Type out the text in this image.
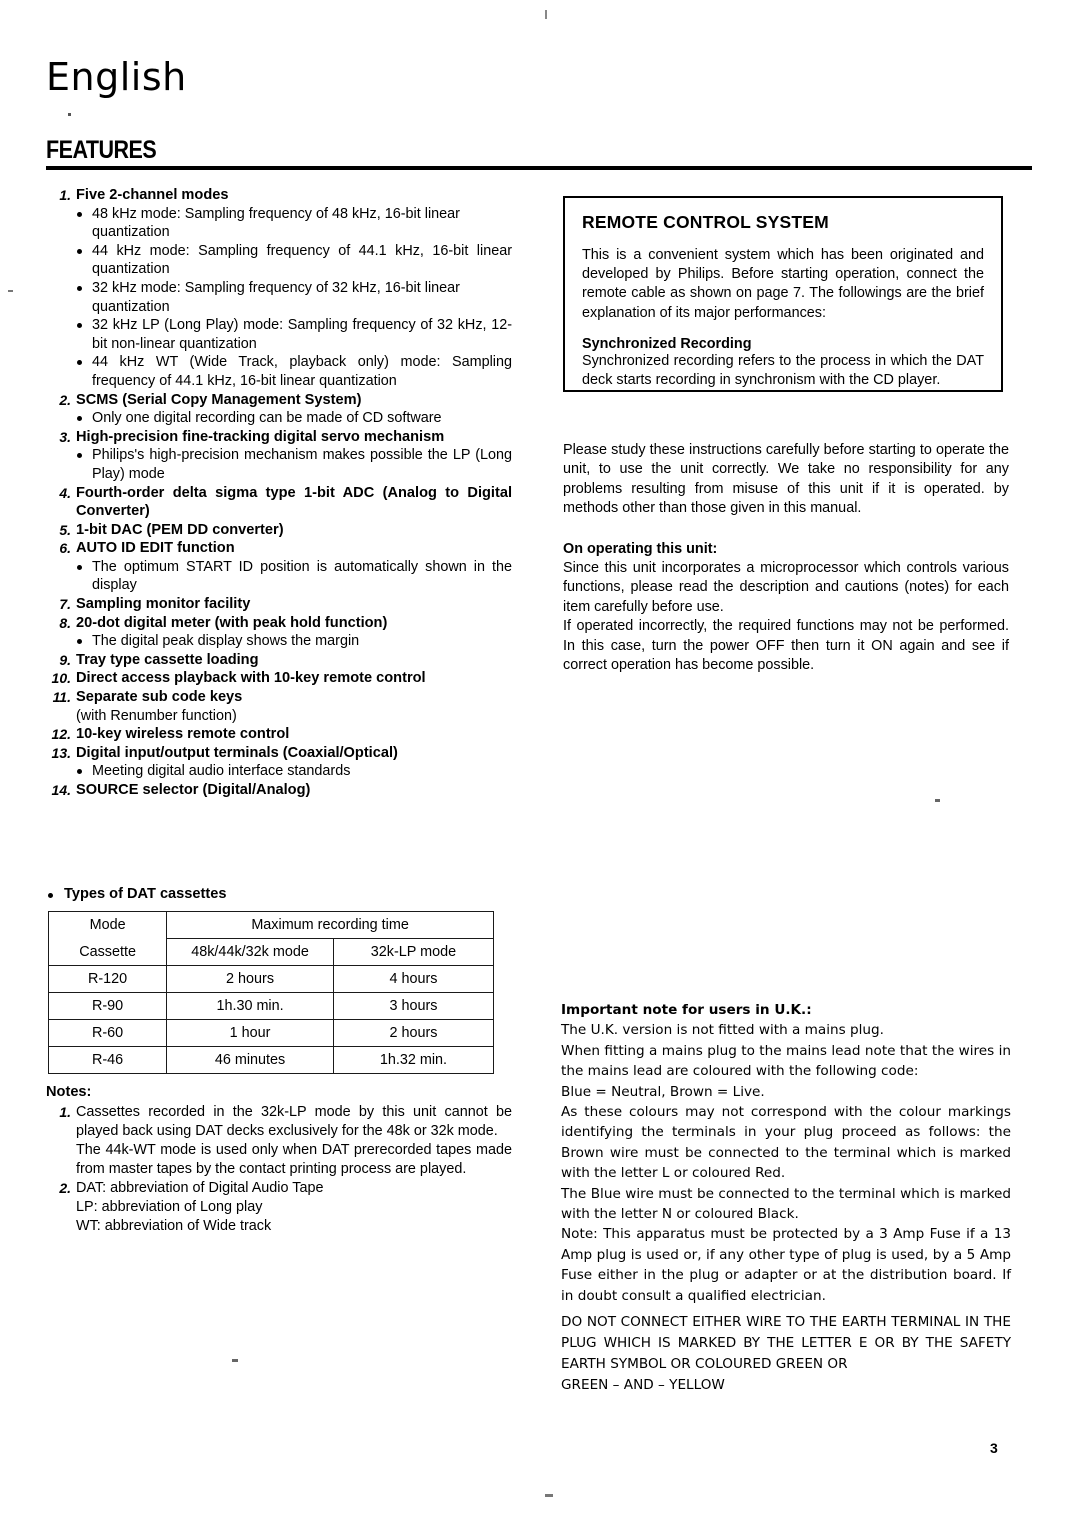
English
FEATURES
1. Five 2-channel modes
48 kHz mode: Sampling frequency of 48 kHz, 16-bit linear quantization
44 kHz mode: Sampling frequency of 44.1 kHz, 16-bit linear quantization
32 kHz mode: Sampling frequency of 32 kHz, 16-bit linear quantization
32 kHz LP (Long Play) mode: Sampling frequency of 32 kHz, 12-bit non-linear quantization
44 kHz WT (Wide Track, playback only) mode: Sampling frequency of 44.1 kHz, 16-bit linear quantization
2. SCMS (Serial Copy Management System)
Only one digital recording can be made of CD software
3. High-precision fine-tracking digital servo mechanism
Philips's high-precision mechanism makes possible the LP (Long Play) mode
4. Fourth-order delta sigma type 1-bit ADC (Analog to Digital Converter)
5. 1-bit DAC (PEM DD converter)
6. AUTO ID EDIT function
The optimum START ID position is automatically shown in the display
7. Sampling monitor facility
8. 20-dot digital meter (with peak hold function)
The digital peak display shows the margin
9. Tray type cassette loading
10. Direct access playback with 10-key remote control
11. Separate sub code keys
(with Renumber function)
12. 10-key wireless remote control
13. Digital input/output terminals (Coaxial/Optical)
Meeting digital audio interface standards
14. SOURCE selector (Digital/Analog)
Types of DAT cassettes
Mode	Maximum recording time	
Cassette	48k/44k/32k mode	32k-LP mode
R-120	2 hours	4 hours
R-90	1h.30 min.	3 hours
R-60	1 hour	2 hours
R-46	46 minutes	1h.32 min.
Notes:
1. Cassettes recorded in the 32k-LP mode by this unit cannot be played back using DAT decks exclusively for the 48k or 32k mode.
The 44k-WT mode is used only when DAT prerecorded tapes made from master tapes by the contact printing process are played.
2. DAT: abbreviation of Digital Audio Tape
LP: abbreviation of Long play
WT: abbreviation of Wide track
REMOTE CONTROL SYSTEM
This is a convenient system which has been originated and developed by Philips. Before starting operation, connect the remote cable as shown on page 7. The followings are the brief explanation of its major performances:
Synchronized Recording
Synchronized recording refers to the process in which the DAT deck starts recording in synchronism with the CD player.

Please study these instructions carefully before starting to operate the unit, to use the unit correctly. We take no responsibility for any problems resulting from misuse of this unit if it is operated. by methods other than those given in this manual.

On operating this unit:

Since this unit incorporates a microprocessor which controls various functions, please read the description and cautions (notes) for each item carefully before use.

If operated incorrectly, the required functions may not be performed. In this case, turn the power OFF then turn it ON again and see if correct operation has become possible.

Important note for users in U.K.:

The U.K. version is not fitted with a mains plug.

When fitting a mains plug to the mains lead note that the wires in the mains lead are coloured with the following code:

Blue = Neutral, Brown = Live.

As these colours may not correspond with the colour markings identifying the terminals in your plug proceed as follows: the Brown wire must be connected to the terminal which is marked with the letter L or coloured Red.

The Blue wire must be connected to the terminal which is marked with the letter N or coloured Black.

Note: This apparatus must be protected by a 3 Amp Fuse if a 13 Amp plug is used or, if any other type of plug is used, by a 5 Amp Fuse either in the plug or adapter or at the distribution board. If in doubt consult a qualified electrician.

DO NOT CONNECT EITHER WIRE TO THE EARTH TERMINAL IN THE PLUG WHICH IS MARKED BY THE LETTER E OR BY THE SAFETY EARTH SYMBOL OR COLOURED GREEN OR

GREEN – AND – YELLOW

3
